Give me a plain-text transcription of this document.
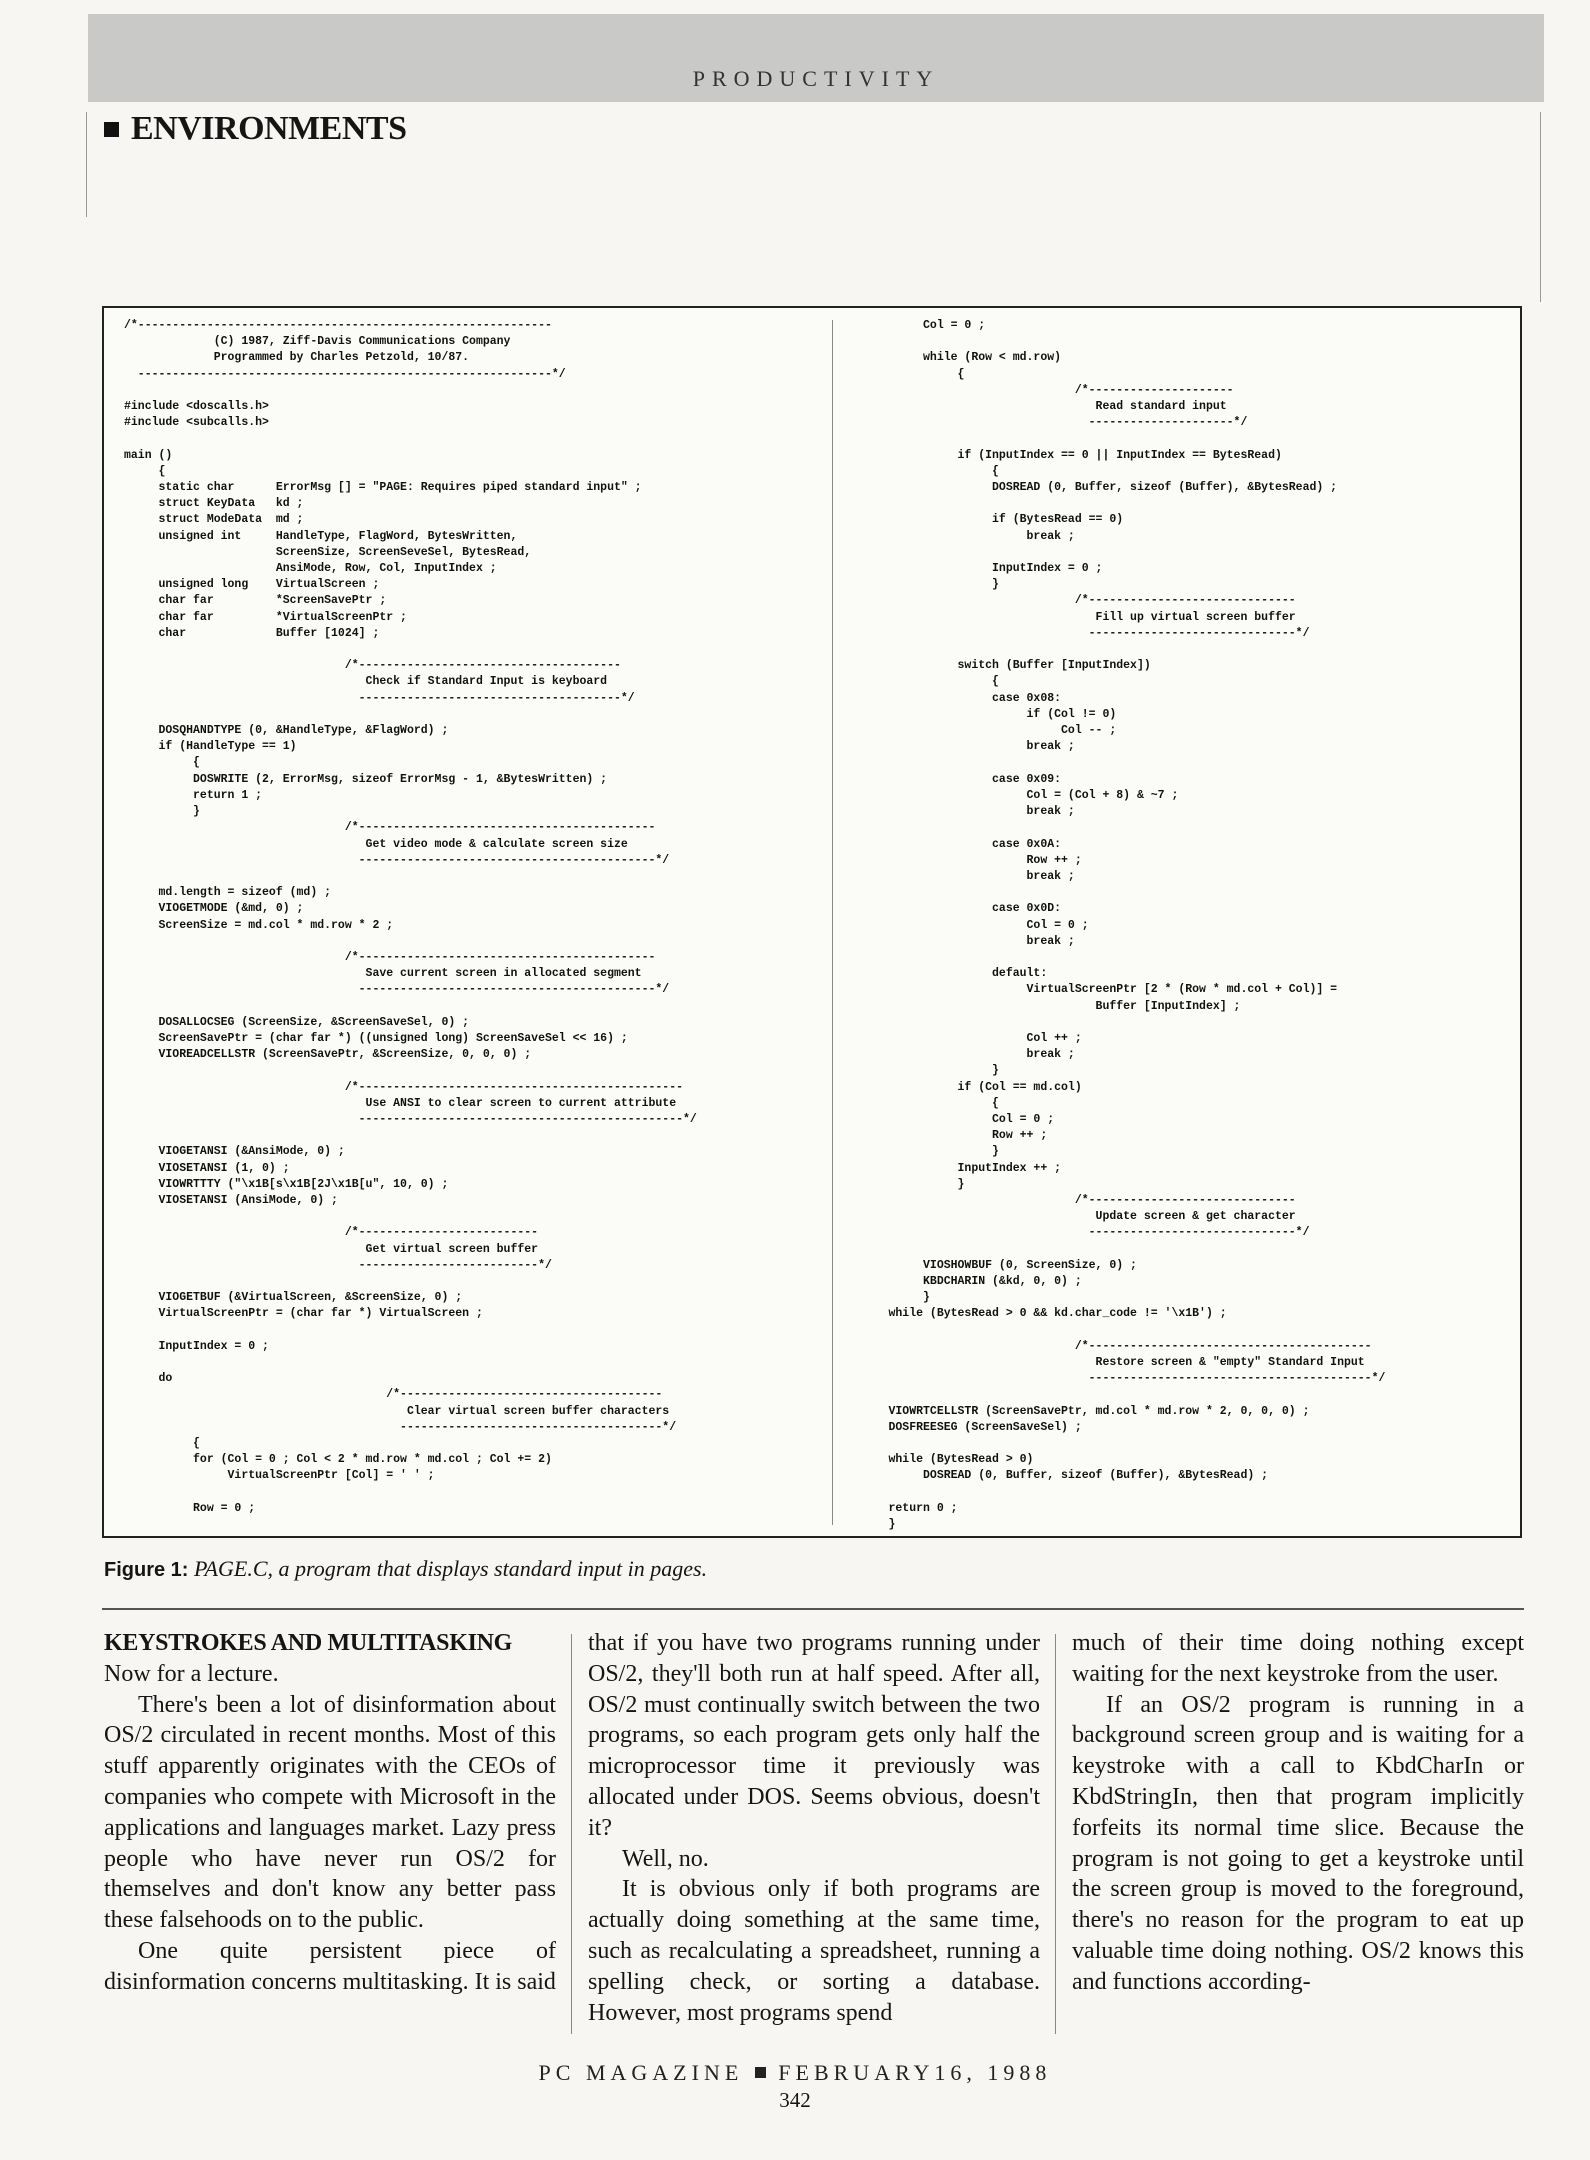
PRODUCTIVITY
ENVIRONMENTS
/*------------------------------------------------------------
(C) 1987, Ziff-Davis Communications Company
Programmed by Charles Petzold, 10/87.
------------------------------------------------------------*/

#include <doscalls.h>
#include <subcalls.h>

main ()
{
static char      ErrorMsg [] = "PAGE: Requires piped standard input" ;
struct KeyData   kd ;
struct ModeData  md ;
unsigned int     HandleType, FlagWord, BytesWritten,
ScreenSize, ScreenSeveSel, BytesRead,
AnsiMode, Row, Col, InputIndex ;
unsigned long    VirtualScreen ;
char far         *ScreenSavePtr ;
char far         *VirtualScreenPtr ;
char             Buffer [1024] ;

/*--------------------------------------
Check if Standard Input is keyboard
--------------------------------------*/

DOSQHANDTYPE (0, &HandleType, &FlagWord) ;
if (HandleType == 1)
{
DOSWRITE (2, ErrorMsg, sizeof ErrorMsg - 1, &BytesWritten) ;
return 1 ;
}
/*-------------------------------------------
Get video mode & calculate screen size
-------------------------------------------*/

md.length = sizeof (md) ;
VIOGETMODE (&md, 0) ;
ScreenSize = md.col * md.row * 2 ;

/*-------------------------------------------
Save current screen in allocated segment
-------------------------------------------*/

DOSALLOCSEG (ScreenSize, &ScreenSaveSel, 0) ;
ScreenSavePtr = (char far *) ((unsigned long) ScreenSaveSel << 16) ;
VIOREADCELLSTR (ScreenSavePtr, &ScreenSize, 0, 0, 0) ;

/*-----------------------------------------------
Use ANSI to clear screen to current attribute
-----------------------------------------------*/

VIOGETANSI (&AnsiMode, 0) ;
VIOSETANSI (1, 0) ;
VIOWRTTTY ("\x1B[s\x1B[2J\x1B[u", 10, 0) ;
VIOSETANSI (AnsiMode, 0) ;

/*--------------------------
Get virtual screen buffer
--------------------------*/

VIOGETBUF (&VirtualScreen, &ScreenSize, 0) ;
VirtualScreenPtr = (char far *) VirtualScreen ;

InputIndex = 0 ;

do
/*--------------------------------------
Clear virtual screen buffer characters
--------------------------------------*/
{
for (Col = 0 ; Col < 2 * md.row * md.col ; Col += 2)
VirtualScreenPtr [Col] = ' ' ;

Row = 0 ;
Col = 0 ;

while (Row < md.row)
{
/*---------------------
Read standard input
---------------------*/

if (InputIndex == 0 || InputIndex == BytesRead)
{
DOSREAD (0, Buffer, sizeof (Buffer), &BytesRead) ;

if (BytesRead == 0)
break ;

InputIndex = 0 ;
}
/*------------------------------
Fill up virtual screen buffer
------------------------------*/

switch (Buffer [InputIndex])
{
case 0x08:
if (Col != 0)
Col -- ;
break ;

case 0x09:
Col = (Col + 8) & ~7 ;
break ;

case 0x0A:
Row ++ ;
break ;

case 0x0D:
Col = 0 ;
break ;

default:
VirtualScreenPtr [2 * (Row * md.col + Col)] =
Buffer [InputIndex] ;

Col ++ ;
break ;
}
if (Col == md.col)
{
Col = 0 ;
Row ++ ;
}
InputIndex ++ ;
}
/*------------------------------
Update screen & get character
------------------------------*/

VIOSHOWBUF (0, ScreenSize, 0) ;
KBDCHARIN (&kd, 0, 0) ;
}
while (BytesRead > 0 && kd.char_code != '\x1B') ;

/*-----------------------------------------
Restore screen & "empty" Standard Input
-----------------------------------------*/

VIOWRTCELLSTR (ScreenSavePtr, md.col * md.row * 2, 0, 0, 0) ;
DOSFREESEG (ScreenSaveSel) ;

while (BytesRead > 0)
DOSREAD (0, Buffer, sizeof (Buffer), &BytesRead) ;

return 0 ;
}
Figure 1: PAGE.C, a program that displays standard input in pages.
KEYSTROKES AND MULTITASKING

Now for a lecture.

There's been a lot of disinformation about OS/2 circulated in recent months. Most of this stuff apparently originates with the CEOs of companies who compete with Microsoft in the applications and languages market. Lazy press people who have never run OS/2 for themselves and don't know any better pass these falsehoods on to the public.

One quite persistent piece of disinformation concerns multitasking. It is said

that if you have two programs running under OS/2, they'll both run at half speed. After all, OS/2 must continually switch between the two programs, so each program gets only half the microprocessor time it previously was allocated under DOS. Seems obvious, doesn't it?

Well, no.

It is obvious only if both programs are actually doing something at the same time, such as recalculating a spreadsheet, running a spelling check, or sorting a database. However, most programs spend

much of their time doing nothing except waiting for the next keystroke from the user.

If an OS/2 program is running in a background screen group and is waiting for a keystroke with a call to KbdCharIn or KbdStringIn, then that program implicitly forfeits its normal time slice. Because the program is not going to get a keystroke until the screen group is moved to the foreground, there's no reason for the program to eat up valuable time doing nothing. OS/2 knows this and functions according-

PC MAGAZINE FEBRUARY16, 1988
342
